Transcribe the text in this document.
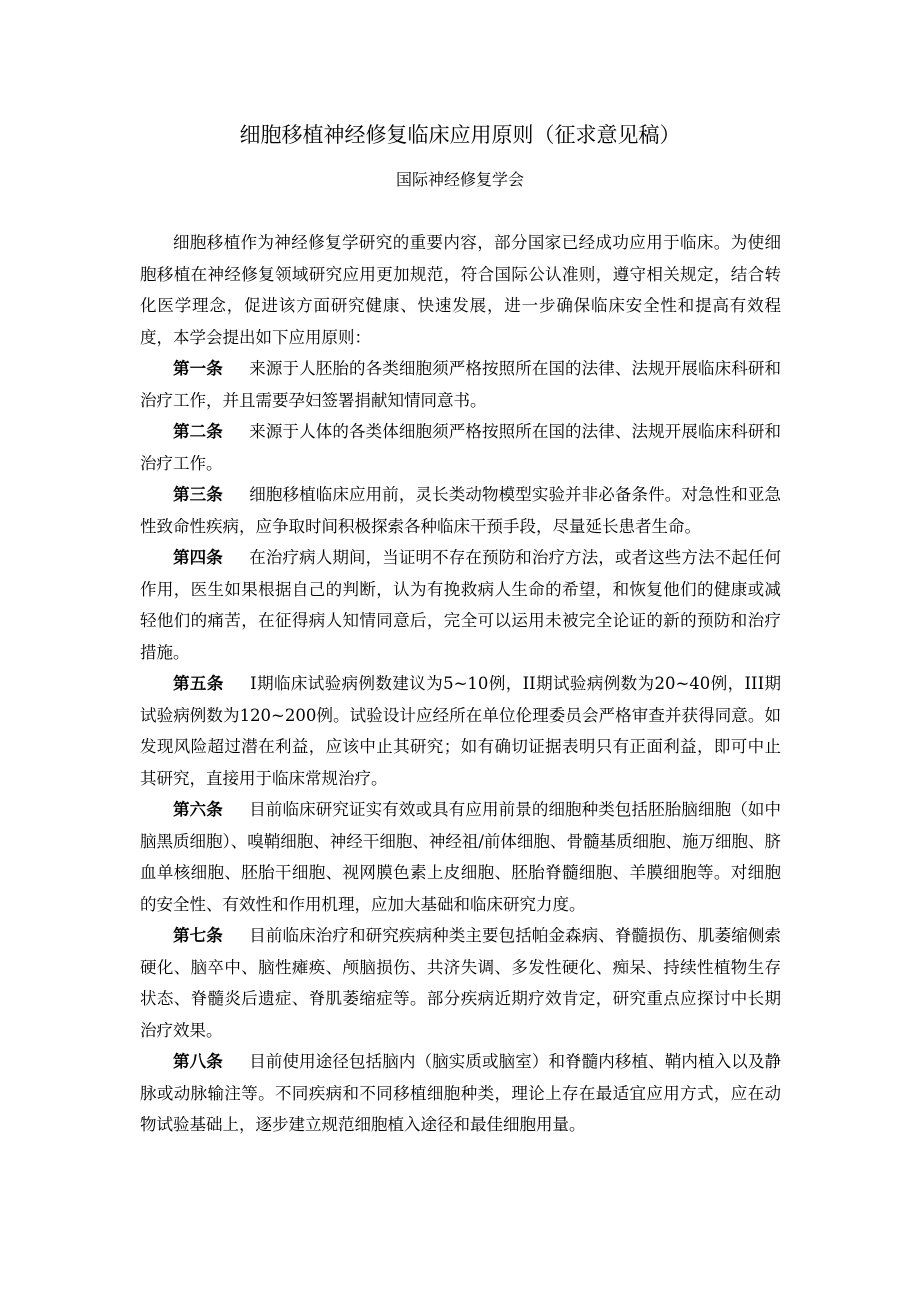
细胞移植神经修复临床应用原则（征求意见稿）
国际神经修复学会

细胞移植作为神经修复学研究的重要内容，部分国家已经成功应用于临床。为使细胞移植在神经修复领域研究应用更加规范，符合国际公认准则，遵守相关规定，结合转化医学理念，促进该方面研究健康、快速发展，进一步确保临床安全性和提高有效程度，本学会提出如下应用原则：

第一条 来源于人胚胎的各类细胞须严格按照所在国的法律、法规开展临床科研和治疗工作，并且需要孕妇签署捐献知情同意书。

第二条 来源于人体的各类体细胞须严格按照所在国的法律、法规开展临床科研和治疗工作。

第三条 细胞移植临床应用前，灵长类动物模型实验并非必备条件。对急性和亚急性致命性疾病，应争取时间积极探索各种临床干预手段，尽量延长患者生命。

第四条 在治疗病人期间，当证明不存在预防和治疗方法，或者这些方法不起任何作用，医生如果根据自己的判断，认为有挽救病人生命的希望，和恢复他们的健康或减轻他们的痛苦，在征得病人知情同意后，完全可以运用未被完全论证的新的预防和治疗措施。

第五条 I期临床试验病例数建议为5~10例，II期试验病例数为20~40例，III期试验病例数为120~200例。试验设计应经所在单位伦理委员会严格审查并获得同意。如发现风险超过潜在利益，应该中止其研究；如有确切证据表明只有正面利益，即可中止其研究，直接用于临床常规治疗。

第六条 目前临床研究证实有效或具有应用前景的细胞种类包括胚胎脑细胞（如中脑黑质细胞）、嗅鞘细胞、神经干细胞、神经祖/前体细胞、骨髓基质细胞、施万细胞、脐血单核细胞、胚胎干细胞、视网膜色素上皮细胞、胚胎脊髓细胞、羊膜细胞等。对细胞的安全性、有效性和作用机理，应加大基础和临床研究力度。

第七条 目前临床治疗和研究疾病种类主要包括帕金森病、脊髓损伤、肌萎缩侧索硬化、脑卒中、脑性瘫痪、颅脑损伤、共济失调、多发性硬化、痴呆、持续性植物生存状态、脊髓炎后遗症、脊肌萎缩症等。部分疾病近期疗效肯定，研究重点应探讨中长期治疗效果。

第八条 目前使用途径包括脑内（脑实质或脑室）和脊髓内移植、鞘内植入以及静脉或动脉输注等。不同疾病和不同移植细胞种类，理论上存在最适宜应用方式，应在动物试验基础上，逐步建立规范细胞植入途径和最佳细胞用量。
